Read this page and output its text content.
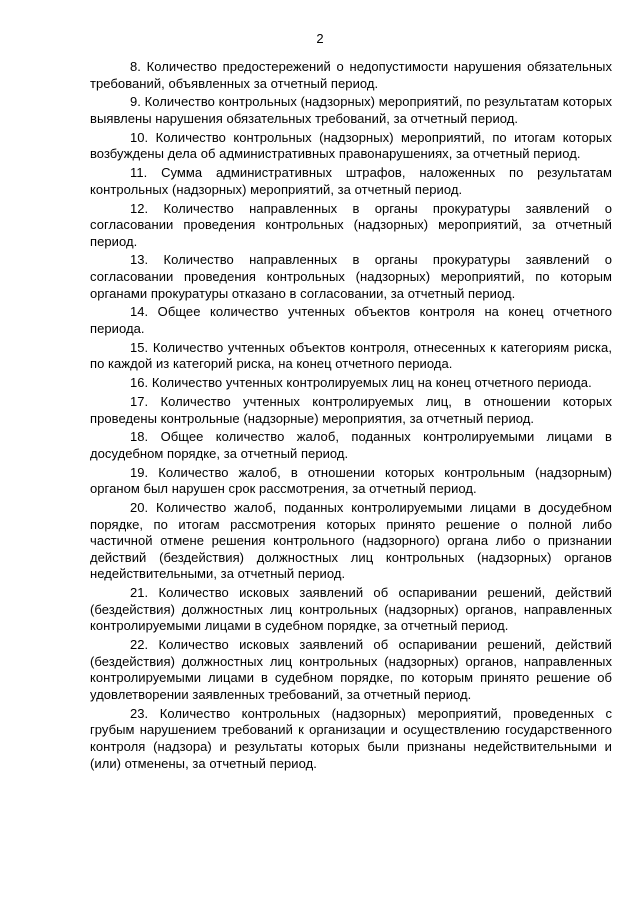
2

8. Количество предостережений о недопустимости нарушения обязательных требований, объявленных за отчетный период.

9. Количество контрольных (надзорных) мероприятий, по результатам которых выявлены нарушения обязательных требований, за отчетный период.

10. Количество контрольных (надзорных) мероприятий, по итогам которых возбуждены дела об административных правонарушениях, за отчетный период.

11. Сумма административных штрафов, наложенных по результатам контрольных (надзорных) мероприятий, за отчетный период.

12. Количество направленных в органы прокуратуры заявлений о согласовании проведения контрольных (надзорных) мероприятий, за отчетный период.

13. Количество направленных в органы прокуратуры заявлений о согласовании проведения контрольных (надзорных) мероприятий, по которым органами прокуратуры отказано в согласовании, за отчетный период.

14. Общее количество учтенных объектов контроля на конец отчетного периода.

15. Количество учтенных объектов контроля, отнесенных к категориям риска, по каждой из категорий риска, на конец отчетного периода.

16. Количество учтенных контролируемых лиц на конец отчетного периода.

17. Количество учтенных контролируемых лиц, в отношении которых проведены контрольные (надзорные) мероприятия, за отчетный период.

18. Общее количество жалоб, поданных контролируемыми лицами в досудебном порядке, за отчетный период.

19. Количество жалоб, в отношении которых контрольным (надзорным) органом был нарушен срок рассмотрения, за отчетный период.

20. Количество жалоб, поданных контролируемыми лицами в досудебном порядке, по итогам рассмотрения которых принято решение о полной либо частичной отмене решения контрольного (надзорного) органа либо о признании действий (бездействия) должностных лиц контрольных (надзорных) органов недействительными, за отчетный период.

21. Количество исковых заявлений об оспаривании решений, действий (бездействия) должностных лиц контрольных (надзорных) органов, направленных контролируемыми лицами в судебном порядке, за отчетный период.

22. Количество исковых заявлений об оспаривании решений, действий (бездействия) должностных лиц контрольных (надзорных) органов, направленных контролируемыми лицами в судебном порядке, по которым принято решение об удовлетворении заявленных требований, за отчетный период.

23. Количество контрольных (надзорных) мероприятий, проведенных с грубым нарушением требований к организации и осуществлению государственного контроля (надзора) и результаты которых были признаны недействительными и (или) отменены, за отчетный период.
